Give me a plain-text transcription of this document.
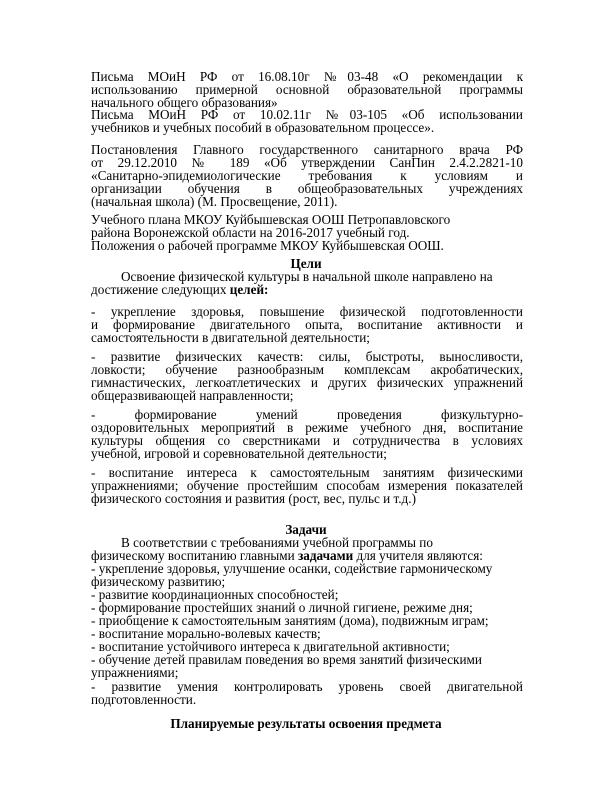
Письма МОиН РФ от 16.08.10г №03-48 «О рекомендации к
использованию примерной основной образовательной программы
начального общего образования»
Письма МОиН РФ от 10.02.11г №03-105 «Об использовании
учебников и учебных пособий в образовательном процессе».
Постановления Главного государственного санитарного врача РФ
от 29.12.2010 № 189 «Об утверждении СанПин 2.4.2.2821-10
«Санитарно-эпидемиологические требования к условиям и
организации обучения в общеобразовательных учреждениях
(начальная школа) (М. Просвещение, 2011).
Учебного плана МКОУ Куйбышевская ООШ Петропавловского
района Воронежской области на 2016-2017 учебный год.
Положения о рабочей программе МКОУ Куйбышевская ООШ.
Цели
Освоение физической культуры в начальной школе направлено на
достижение следующих целей:
- укрепление здоровья, повышение физической подготовленности
и формирование двигательного опыта, воспитание активности и
самостоятельности в двигательной деятельности;
- развитие физических качеств: силы, быстроты, выносливости,
ловкости; обучение разнообразным комплексам акробатических,
гимнастических, легкоатлетических и других физических упражнений
общеразвивающей направленности;
- формирование умений проведения физкультурно-
оздоровительных мероприятий в режиме учебного дня, воспитание
культуры общения со сверстниками и сотрудничества в условиях
учебной, игровой и соревновательной деятельности;
- воспитание интереса к самостоятельным занятиям физическими
упражнениями; обучение простейшим способам измерения показателей
физического состояния и развития (рост, вес, пульс и т.д.)
Задачи
В соответствии с требованиями учебной программы по
физическому воспитанию главными задачами для учителя являются:
- укрепление здоровья, улучшение осанки, содействие гармоническому
физическому развитию;
- развитие координационных способностей;
- формирование простейших знаний о личной гигиене, режиме дня;
- приобщение к самостоятельным занятиям (дома), подвижным играм;
- воспитание морально-волевых качеств;
- воспитание устойчивого интереса к двигательной активности;
- обучение детей правилам поведения во время занятий физическими
упражнениями;
- развитие умения контролировать уровень своей двигательной
подготовленности.
Планируемые результаты освоения предмета
